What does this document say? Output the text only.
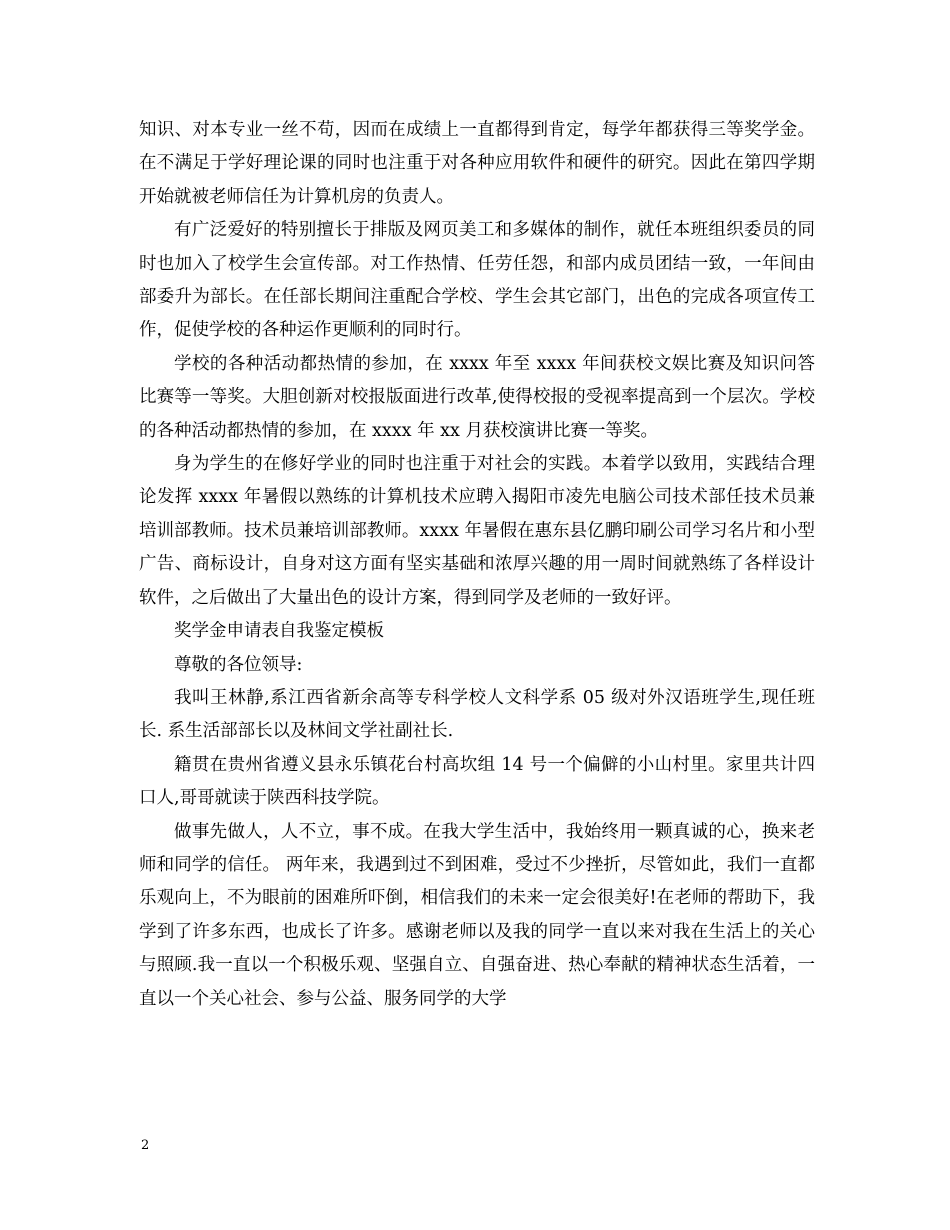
知识、对本专业一丝不苟，因而在成绩上一直都得到肯定，每学年都获得三等奖学金。在不满足于学好理论课的同时也注重于对各种应用软件和硬件的研究。因此在第四学期开始就被老师信任为计算机房的负责人。

有广泛爱好的特别擅长于排版及网页美工和多媒体的制作，就任本班组织委员的同时也加入了校学生会宣传部。对工作热情、任劳任怨，和部内成员团结一致，一年间由部委升为部长。在任部长期间注重配合学校、学生会其它部门，出色的完成各项宣传工作，促使学校的各种运作更顺利的同时行。

学校的各种活动都热情的参加，在 xxxx 年至 xxxx 年间获校文娱比赛及知识问答比赛等一等奖。大胆创新对校报版面进行改革,使得校报的受视率提高到一个层次。学校的各种活动都热情的参加，在 xxxx 年 xx 月获校演讲比赛一等奖。

身为学生的在修好学业的同时也注重于对社会的实践。本着学以致用，实践结合理论发挥 xxxx 年暑假以熟练的计算机技术应聘入揭阳市凌先电脑公司技术部任技术员兼培训部教师。技术员兼培训部教师。xxxx 年暑假在惠东县亿鹏印刷公司学习名片和小型广告、商标设计，自身对这方面有坚实基础和浓厚兴趣的用一周时间就熟练了各样设计软件，之后做出了大量出色的设计方案，得到同学及老师的一致好评。

奖学金申请表自我鉴定模板

尊敬的各位领导:

我叫王林静,系江西省新余高等专科学校人文科学系 05 级对外汉语班学生,现任班长. 系生活部部长以及林间文学社副社长.

籍贯在贵州省遵义县永乐镇花台村高坎组 14 号一个偏僻的小山村里。家里共计四口人,哥哥就读于陕西科技学院。

做事先做人，人不立，事不成。在我大学生活中，我始终用一颗真诚的心，换来老师和同学的信任。 两年来，我遇到过不到困难，受过不少挫折，尽管如此，我们一直都乐观向上，不为眼前的困难所吓倒，相信我们的未来一定会很美好!在老师的帮助下，我学到了许多东西，也成长了许多。感谢老师以及我的同学一直以来对我在生活上的关心与照顾.我一直以一个积极乐观、坚强自立、自强奋进、热心奉献的精神状态生活着，一直以一个关心社会、参与公益、服务同学的大学

2
